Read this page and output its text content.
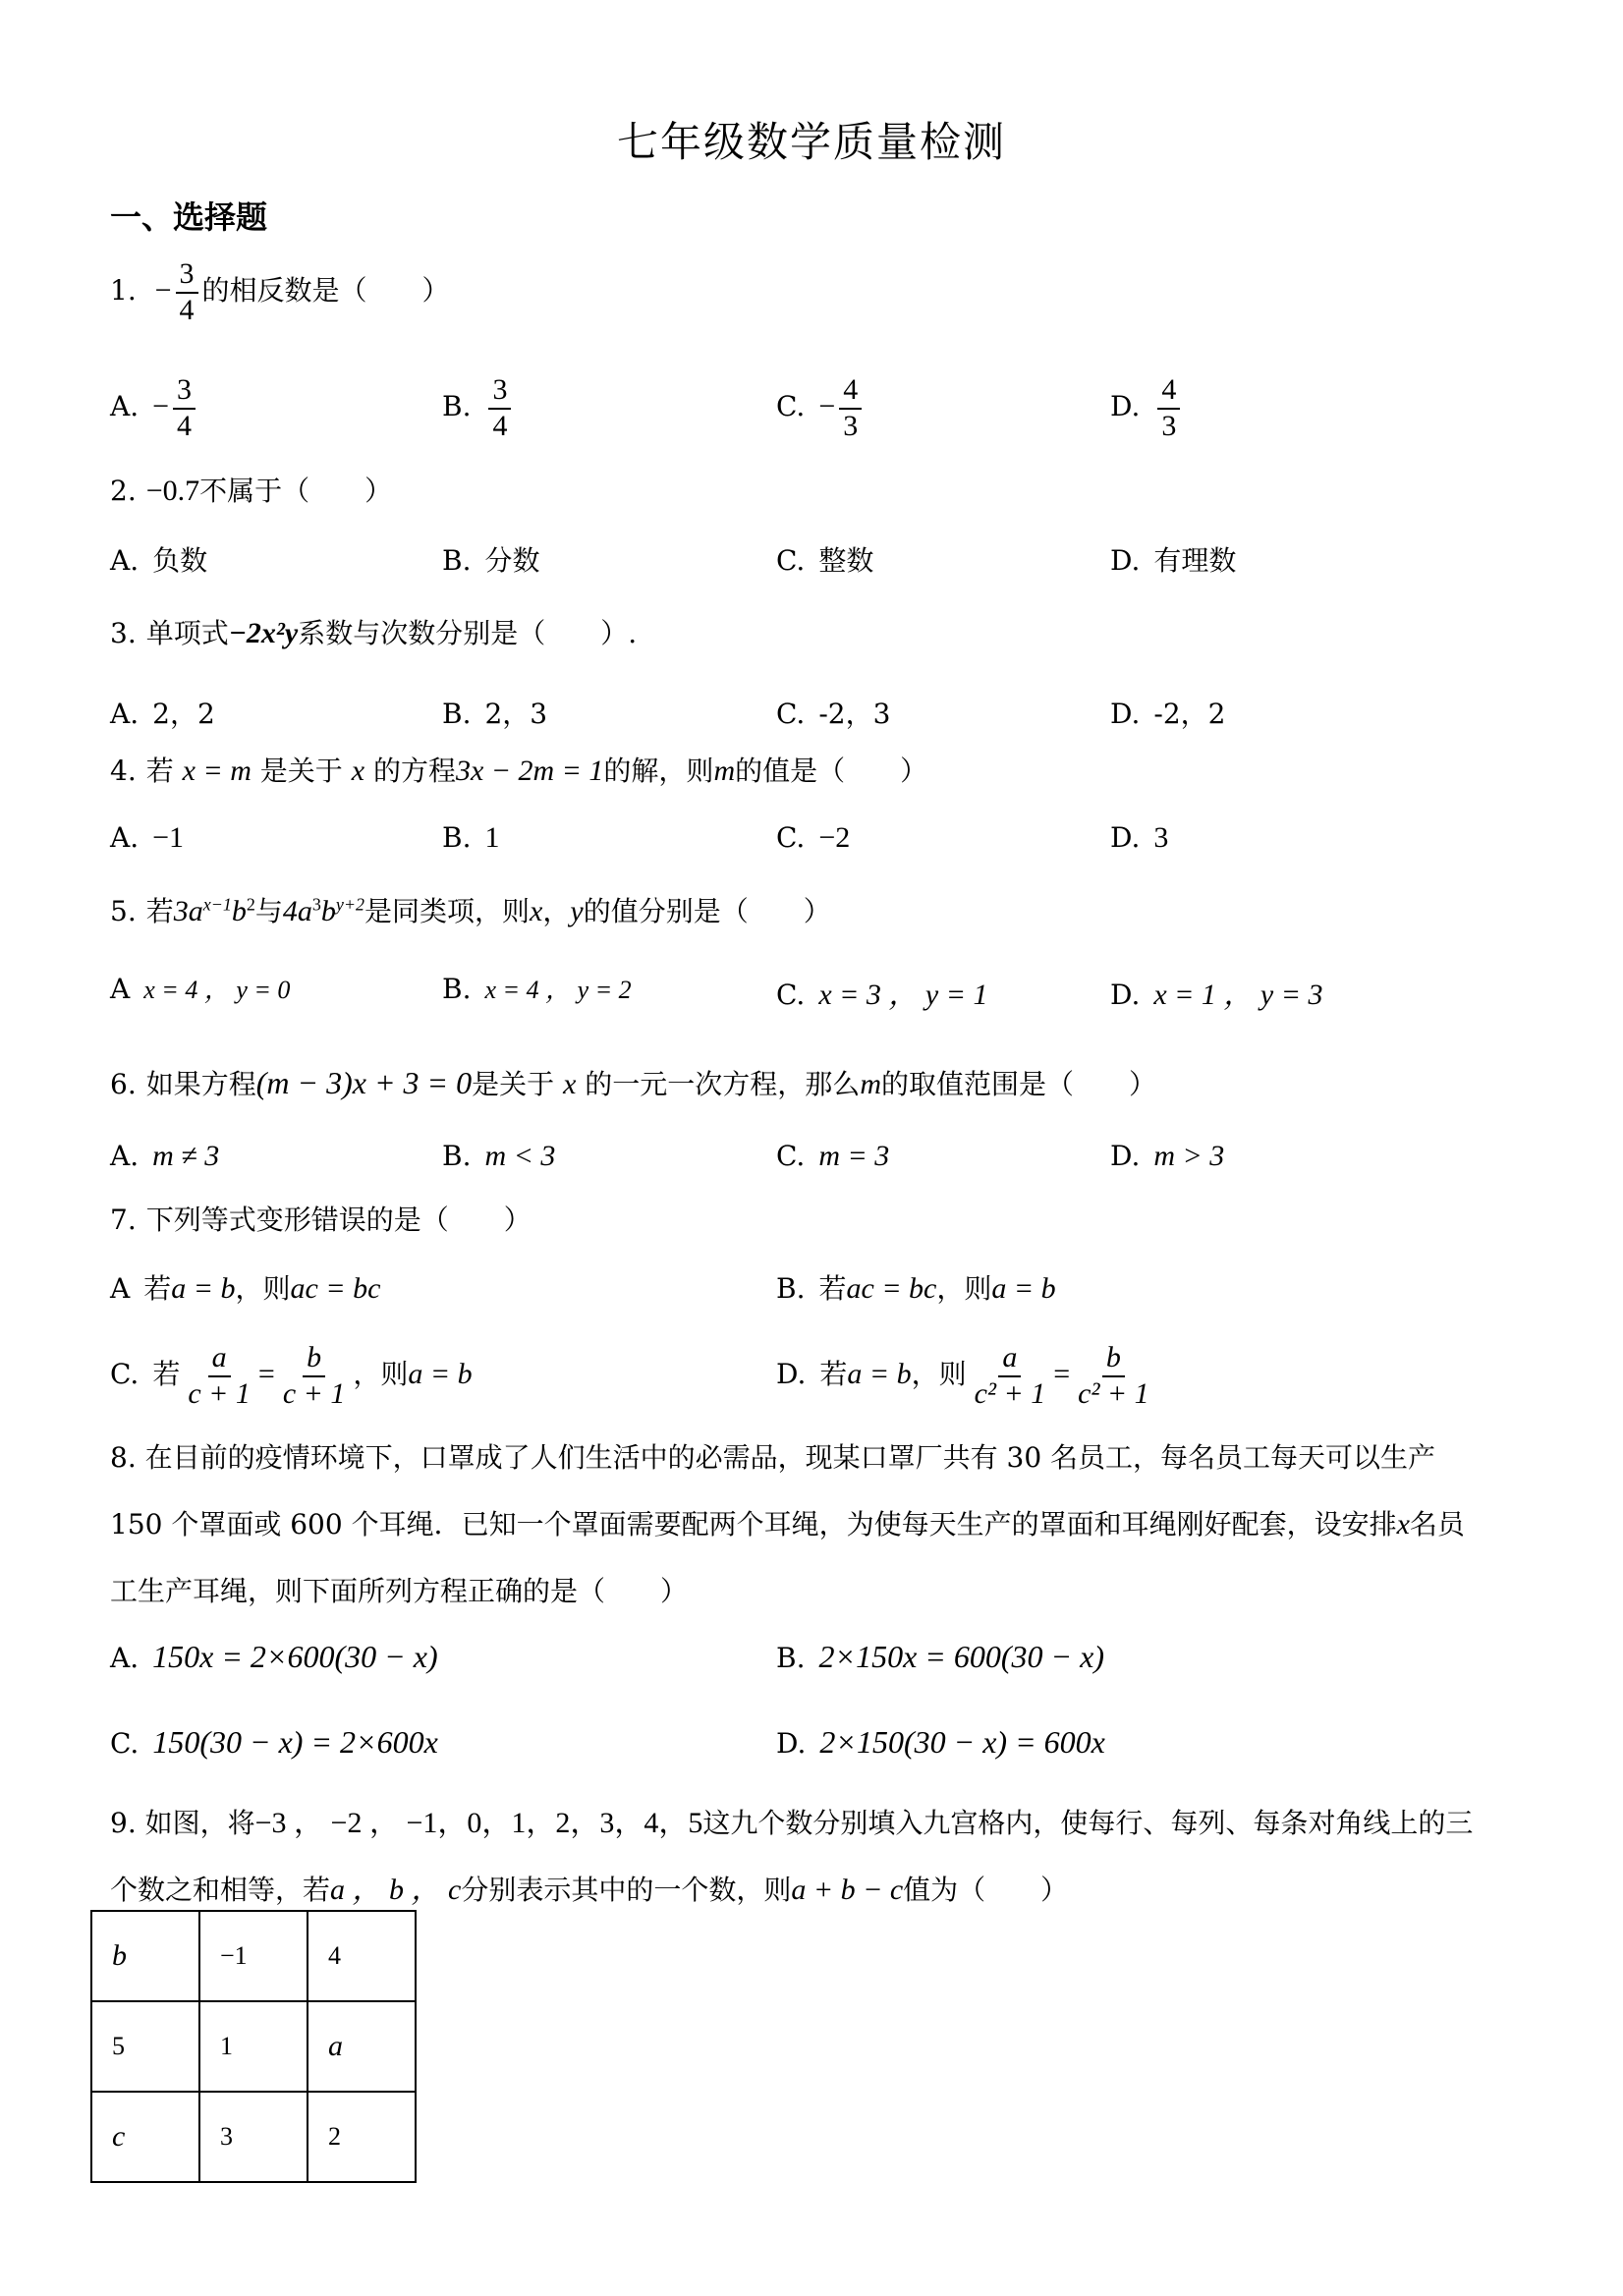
七年级数学质量检测
一、选择题
1. − $\frac{3}{4}$ 的相反数是（　　）
A. − $\frac{3}{4}$	B. $\frac{3}{4}$	C. − $\frac{4}{3}$	D. $\frac{4}{3}$
2. −0.7不属于（　　）
A. 负数	B. 分数	C. 整数	D. 有理数
3. 单项式−2x²y系数与次数分别是（　　）.
A. 2，2	B. 2，3	C. -2，3	D. -2，2
4. 若 x = m 是关于 x 的方程3x − 2m = 1的解，则m的值是（　　）
A. −1	B. 1	C. −2	D. 3
5. 若$3a^{x-1}b^2$与$4a^3b^{y+2}$是同类项，则x，y的值分别是（　　）
A x = 4 ， y = 0	B. x = 4 ， y = 2	C. x = 3 ， y = 1	D. x = 1 ， y = 3
6. 如果方程(m − 3)x + 3 = 0是关于 x 的一元一次方程，那么m的取值范围是（　　）
A. m ≠ 3	B. m < 3	C. m = 3	D. m > 3
7. 下列等式变形错误的是（　　）
A 若a = b，则ac = bc	B. 若ac = bc，则a = b
C. 若 $\frac{a}{c + 1} = \frac{b}{c + 1}$ ，则a = b	D. 若a = b，则 $\frac{a}{\text{c² + 1}} = \frac{b}{\text{c² + 1}}$
8. 在目前的疫情环境下，口罩成了人们生活中的必需品，现某口罩厂共有 30 名员工，每名员工每天可以生产
150 个罩面或 600 个耳绳．已知一个罩面需要配两个耳绳，为使每天生产的罩面和耳绳刚好配套，设安排x名员
工生产耳绳，则下面所列方程正确的是（　　）
A. 150x = 2×600(30 − x)	B. 2×150x = 600(30 − x)
C. 150(30 − x) = 2×600x	D. 2×150(30 − x) = 600x
9. 如图，将−3 ， −2 ， −1，0，1，2，3，4，5这九个数分别填入九宫格内，使每行、每列、每条对角线上的三
个数之和相等，若a ， b ， c分别表示其中的一个数，则a + b − c值为（　　）
b	−1	4
5	1	a
c	3	2
